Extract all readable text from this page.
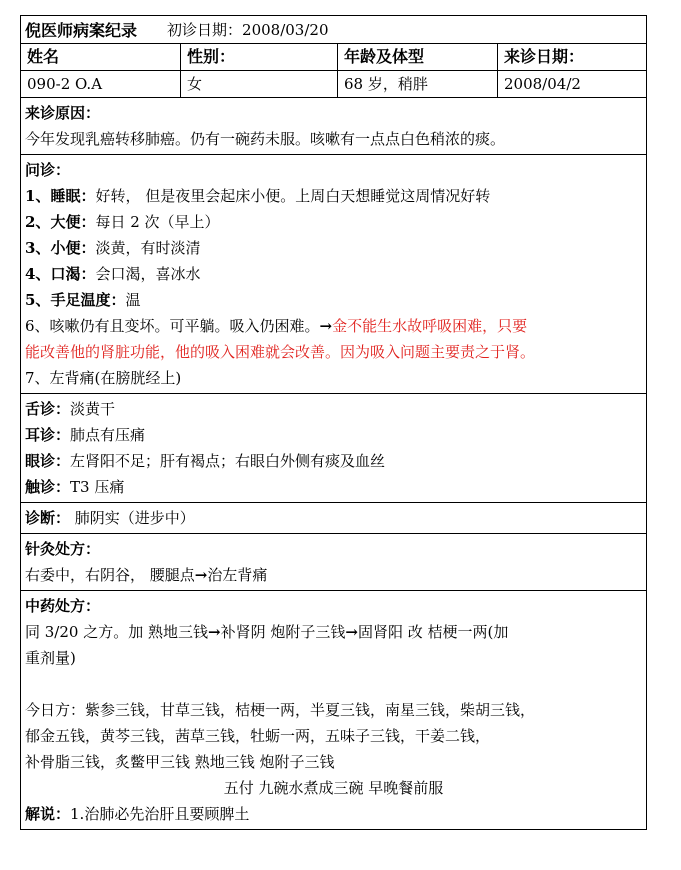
倪医师病案纪录 初诊日期：2008/03/20
姓名	性别：	年龄及体型	来诊日期：
090-2 O.A	女	68 岁，稍胖	2008/04/2
来诊原因：
今年发现乳癌转移肺癌。仍有一碗药未服。咳嗽有一点点白色稍浓的痰。
问诊：
1、睡眠：好转， 但是夜里会起床小便。上周白天想睡觉这周情况好转
2、大便：每日 2 次（早上）
3、小便：淡黄，有时淡清
4、口渴：会口渴，喜冰水
5、手足温度：温
6、咳嗽仍有且变坏。可平躺。吸入仍困难。→金不能生水故呼吸困难，只要
能改善他的肾脏功能，他的吸入困难就会改善。因为吸入问题主要责之于肾。
7、左背痛(在膀胱经上)
舌诊：淡黄干
耳诊：肺点有压痛
眼诊：左肾阳不足；肝有褐点；右眼白外侧有痰及血丝
触诊：T3 压痛
诊断： 肺阴实（进步中）
针灸处方：
右委中，右阴谷， 腰腿点→治左背痛
中药处方：
同 3/20 之方。加 熟地三钱→补肾阴 炮附子三钱→固肾阳 改 桔梗一两(加
重剂量)
今日方：紫参三钱，甘草三钱，桔梗一两，半夏三钱，南星三钱，柴胡三钱，
郁金五钱，黄芩三钱，茜草三钱，牡蛎一两，五味子三钱，干姜二钱，
补骨脂三钱，炙鳖甲三钱 熟地三钱 炮附子三钱
五付 九碗水煮成三碗 早晚餐前服
解说：1.治肺必先治肝且要顾脾土
